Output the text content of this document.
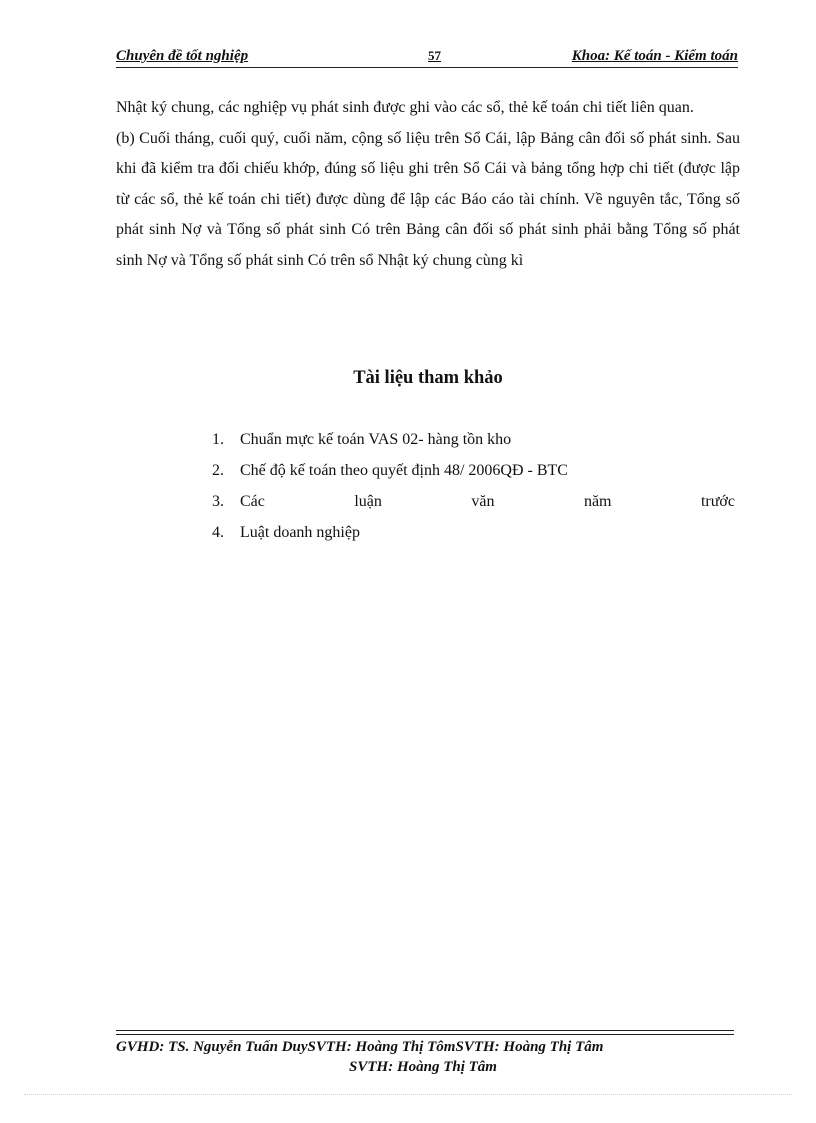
Chuyên đề tốt nghiệp	57	Khoa: Kế toán - Kiểm toán

Nhật ký chung, các nghiệp vụ phát sinh được ghi vào các sổ, thẻ kế toán chi tiết liên quan.

(b) Cuối tháng, cuối quý, cuối năm, cộng số liệu trên Sổ Cái, lập Bảng cân đối số phát sinh. Sau khi đã kiểm tra đối chiếu khớp, đúng số liệu ghi trên Sổ Cái và bảng tổng hợp chi tiết (được lập từ các sổ, thẻ kế toán chi tiết) được dùng để lập các Báo cáo tài chính. Về nguyên tắc, Tổng số phát sinh Nợ và Tổng số phát sinh Có trên Bảng cân đối số phát sinh phải bằng Tổng số phát sinh Nợ và Tổng số phát sinh Có trên sổ Nhật ký chung cùng kì

Tài liệu tham khảo
1. Chuẩn mực kế toán VAS 02- hàng tồn kho
2. Chế độ kế toán theo quyết định 48/ 2006QĐ - BTC
3. Các	luận	văn	năm	trước
4. Luật doanh nghiệp
GVHD: TS. Nguyễn Tuấn DuySVTH: Hoàng Thị TômSVTH: Hoàng Thị Tâm
SVTH: Hoàng Thị Tâm
